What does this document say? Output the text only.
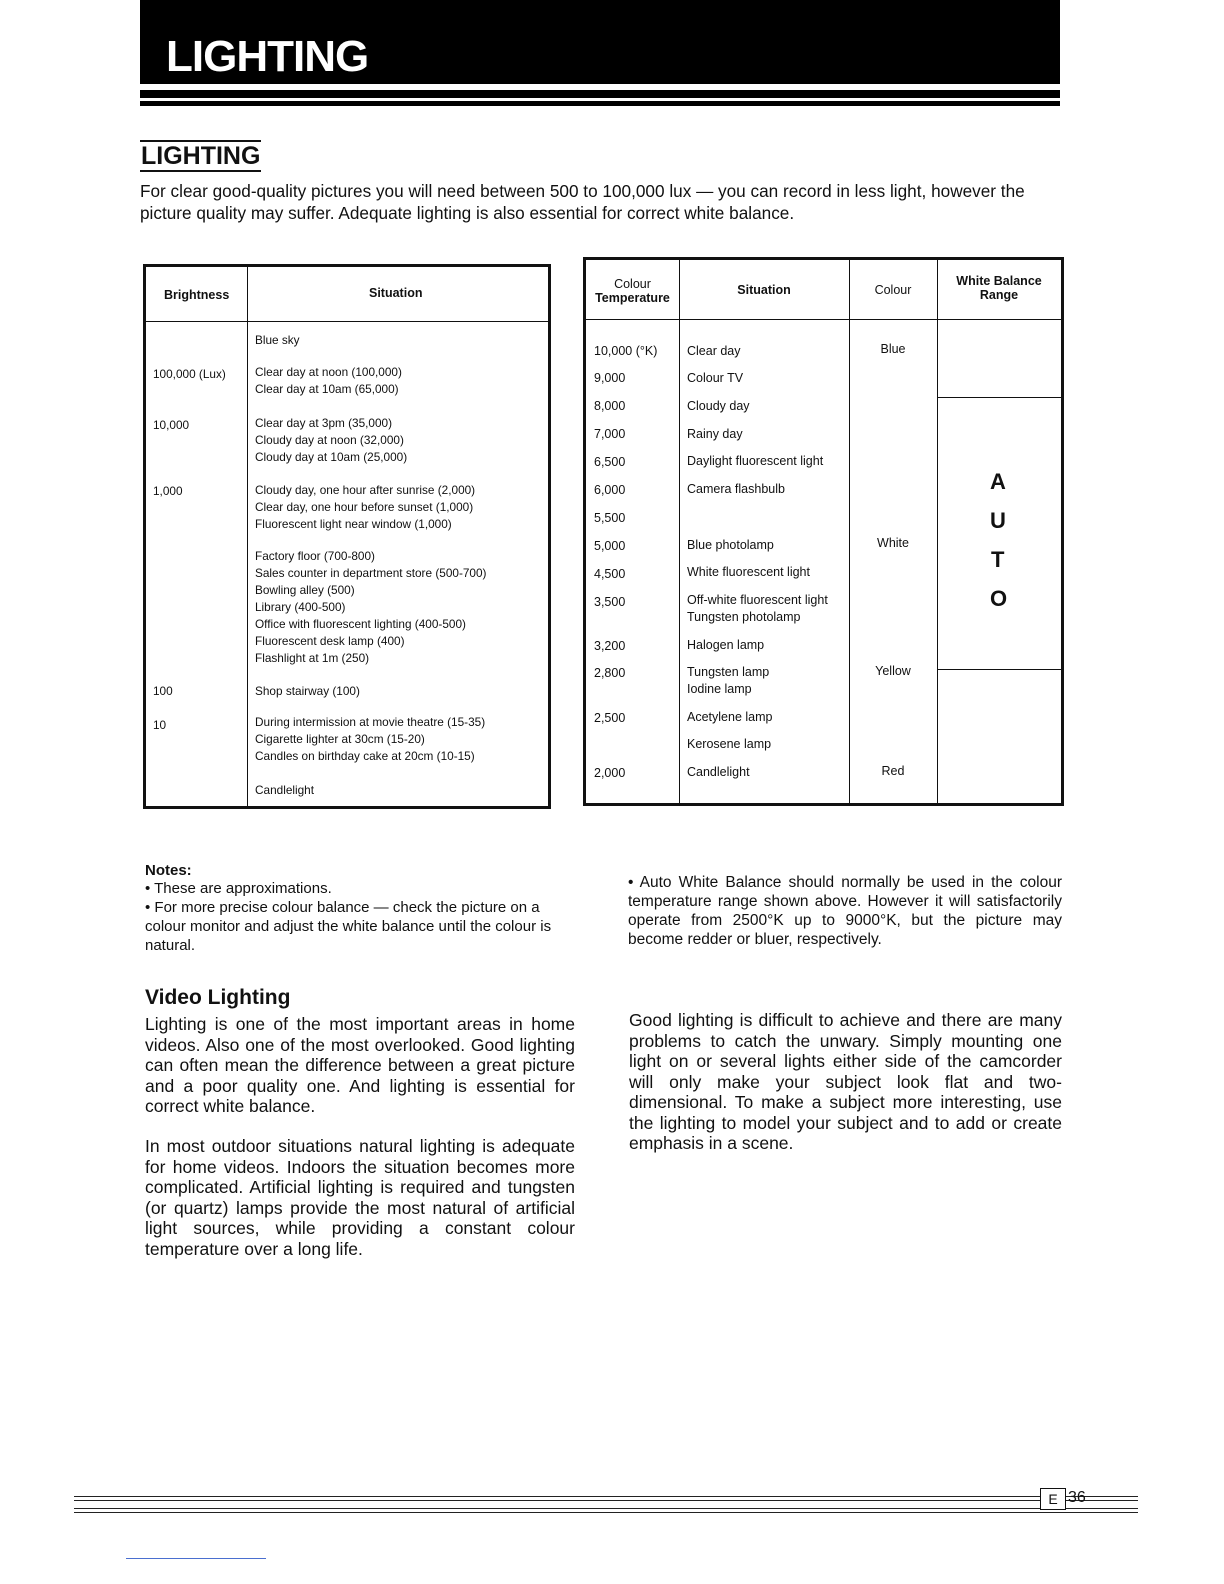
LIGHTING
LIGHTING
For clear good-quality pictures you will need between 500 to 100,000 lux — you can record in less light, however the picture quality may suffer. Adequate lighting is also essential for correct white balance.
Brightness	Situation
100,000 (Lux)
10,000
1,000
100
10
Blue sky
Clear day at noon (100,000)
Clear day at 10am (65,000)
Clear day at 3pm (35,000)
Cloudy day at noon (32,000)
Cloudy day at 10am (25,000)
Cloudy day, one hour after sunrise (2,000)
Clear day, one hour before sunset (1,000)
Fluorescent light near window (1,000)
Factory floor (700-800)
Sales counter in department store (500-700)
Bowling alley (500)
Library (400-500)
Office with fluorescent lighting (400-500)
Fluorescent desk lamp (400)
Flashlight at 1m (250)
Shop stairway (100)
During intermission at movie theatre (15-35)
Cigarette lighter at 30cm (15-20)
Candles on birthday cake at 20cm (10-15)
Candlelight
Colour
Temperature
Situation	Colour
White Balance
Range
10,000 (°K)
9,000
8,000
7,000
6,500
6,000
5,500
5,000
4,500
3,500
3,200
2,800
2,500
2,000
Clear day
Colour TV
Cloudy day
Rainy day
Daylight fluorescent light
Camera flashbulb
Blue photolamp
White fluorescent light
Off-white fluorescent light
Tungsten photolamp
Halogen lamp
Tungsten lamp
Iodine lamp
Acetylene lamp
Kerosene lamp
Candlelight
Blue
White
Yellow
Red
A
U
T
O
Notes:
• These are approximations.
• For more precise colour balance — check the picture on a colour monitor and adjust the white balance until the colour is natural.
• Auto White Balance should normally be used in the colour temperature range shown above. However it will satisfactorily operate from 2500°K up to 9000°K, but the picture may become redder or bluer, respectively.
Video Lighting
Lighting is one of the most important areas in home videos. Also one of the most overlooked. Good lighting can often mean the difference between a great picture and a poor quality one. And lighting is essential for correct white balance.
In most outdoor situations natural lighting is adequate for home videos. Indoors the situation becomes more complicated. Artificial lighting is required and tungsten (or quartz) lamps provide the most natural of artificial light sources, while providing a constant colour temperature over a long life.
Good lighting is difficult to achieve and there are many problems to catch the unwary. Simply mounting one light on or several lights either side of the camcorder will only make your subject look flat and two-dimensional. To make a subject more interesting, use the lighting to model your subject and to add or create emphasis in a scene.
E 36
